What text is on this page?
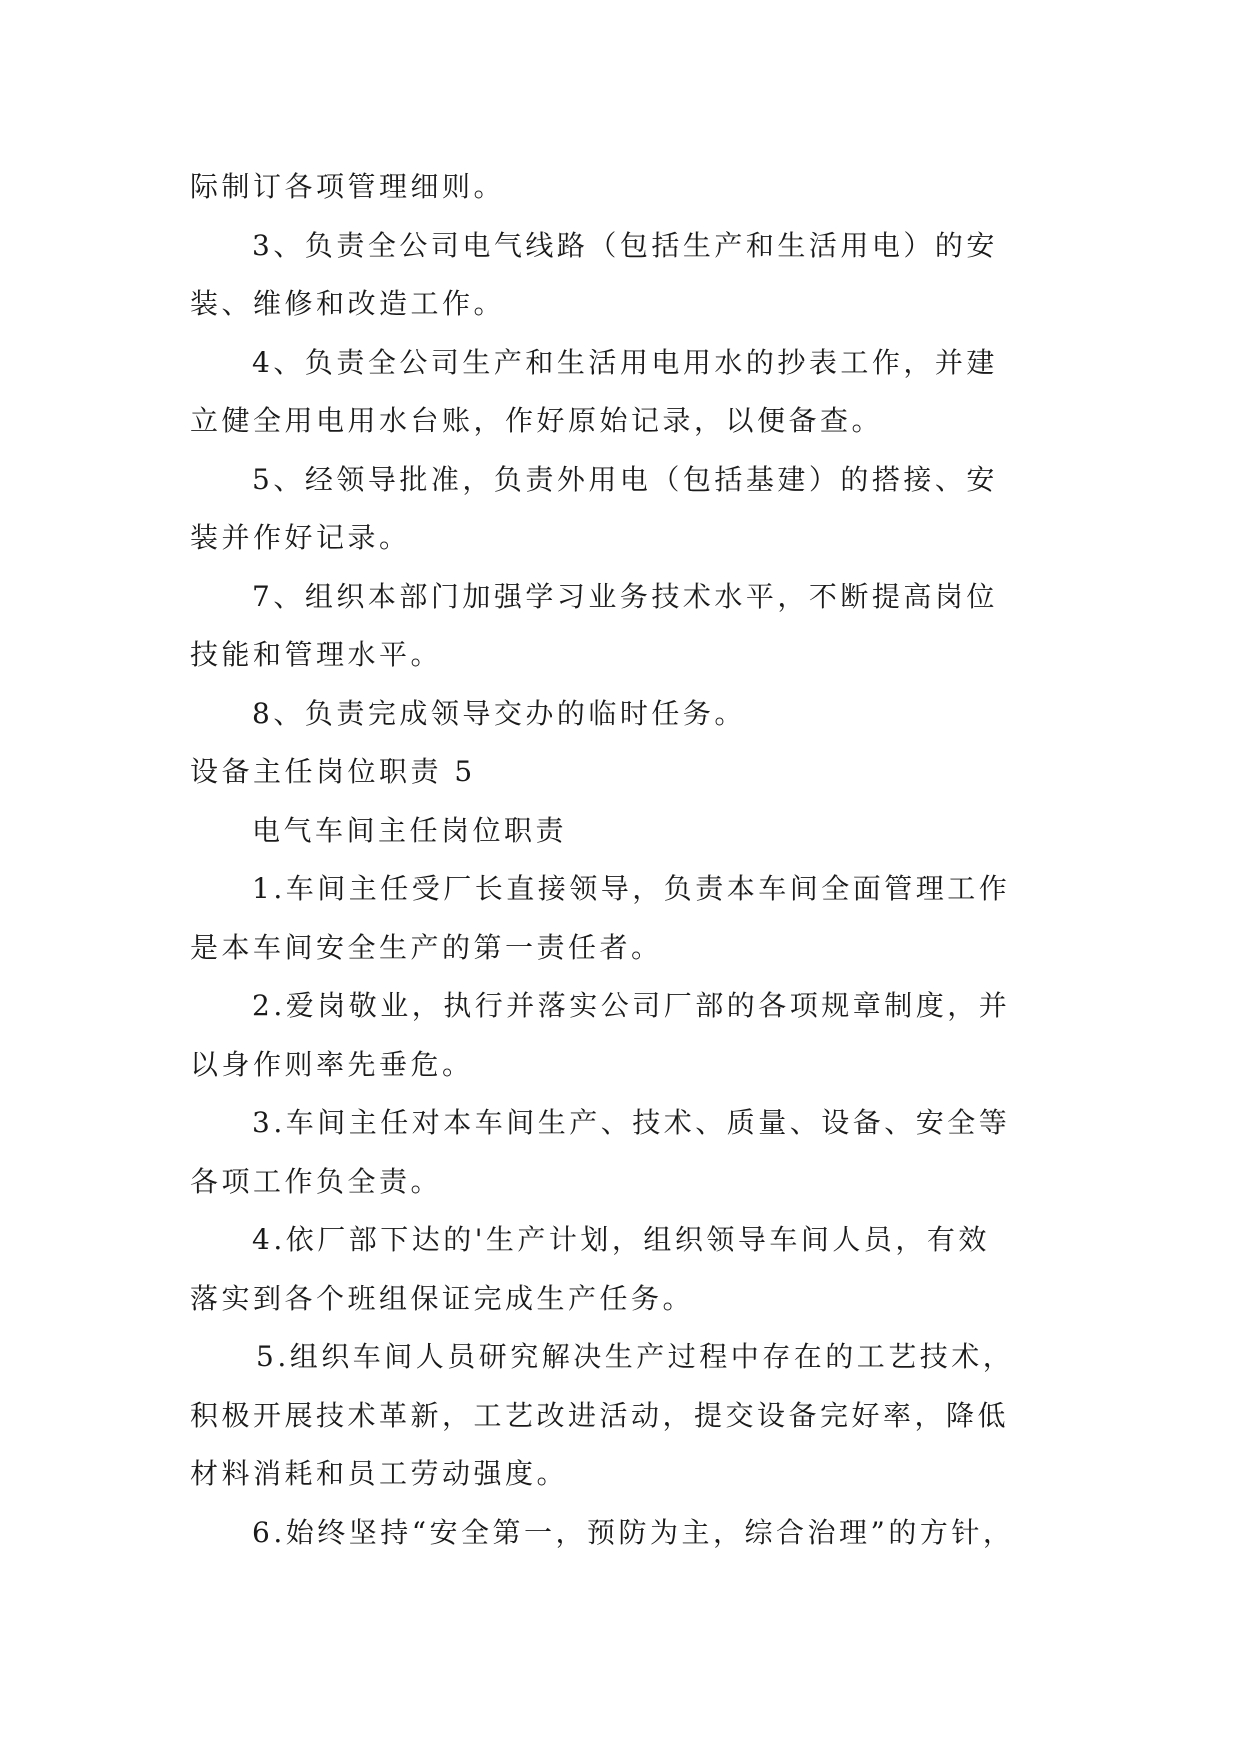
际制订各项管理细则。
3、负责全公司电气线路（包括生产和生活用电）的安
装、维修和改造工作。
4、负责全公司生产和生活用电用水的抄表工作，并建
立健全用电用水台账，作好原始记录，以便备查。
5、经领导批准，负责外用电（包括基建）的搭接、安
装并作好记录。
7、组织本部门加强学习业务技术水平，不断提高岗位
技能和管理水平。
8、负责完成领导交办的临时任务。
设备主任岗位职责 5
电气车间主任岗位职责
1.车间主任受厂长直接领导，负责本车间全面管理工作
是本车间安全生产的第一责任者。
2.爱岗敬业，执行并落实公司厂部的各项规章制度，并
以身作则率先垂危。
3.车间主任对本车间生产、技术、质量、设备、安全等
各项工作负全责。
4.依厂部下达的'生产计划，组织领导车间人员，有效
落实到各个班组保证完成生产任务。
5.组织车间人员研究解决生产过程中存在的工艺技术，
积极开展技术革新，工艺改进活动，提交设备完好率，降低
材料消耗和员工劳动强度。
6.始终坚持“安全第一，预防为主，综合治理”的方针，
